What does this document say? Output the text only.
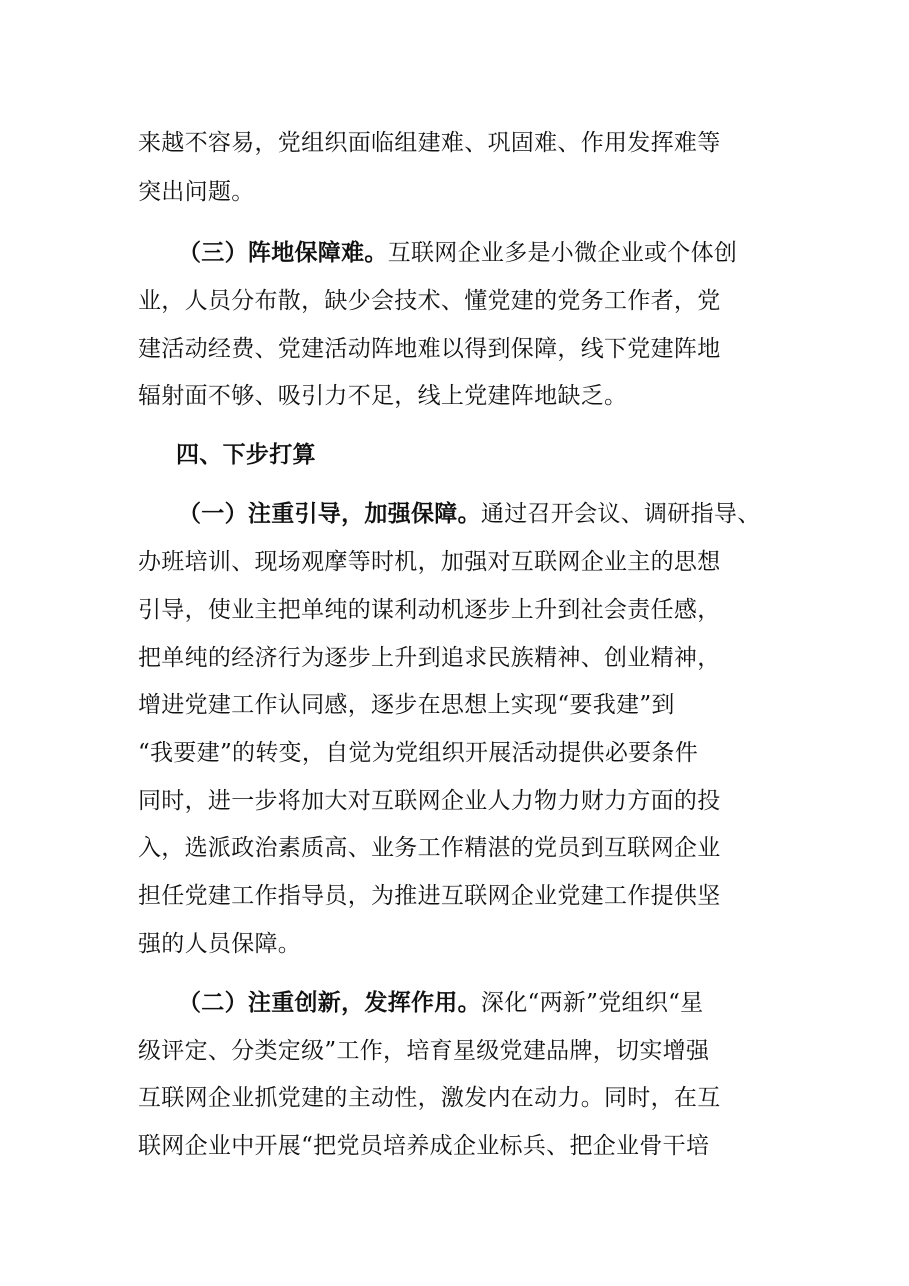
来越不容易，党组织面临组建难、巩固难、作用发挥难等
突出问题。
（三）阵地保障难。互联网企业多是小微企业或个体创
业，人员分布散，缺少会技术、懂党建的党务工作者，党
建活动经费、党建活动阵地难以得到保障，线下党建阵地
辐射面不够、吸引力不足，线上党建阵地缺乏。
四、下步打算
（一）注重引导，加强保障。通过召开会议、调研指导、
办班培训、现场观摩等时机，加强对互联网企业主的思想
引导，使业主把单纯的谋利动机逐步上升到社会责任感，
把单纯的经济行为逐步上升到追求民族精神、创业精神，
增进党建工作认同感，逐步在思想上实现“要我建”到
“我要建”的转变，自觉为党组织开展活动提供必要条件
同时，进一步将加大对互联网企业人力物力财力方面的投
入，选派政治素质高、业务工作精湛的党员到互联网企业
担任党建工作指导员，为推进互联网企业党建工作提供坚
强的人员保障。
（二）注重创新，发挥作用。深化“两新”党组织“星
级评定、分类定级”工作，培育星级党建品牌，切实增强
互联网企业抓党建的主动性，激发内在动力。同时，在互
联网企业中开展“把党员培养成企业标兵、把企业骨干培
